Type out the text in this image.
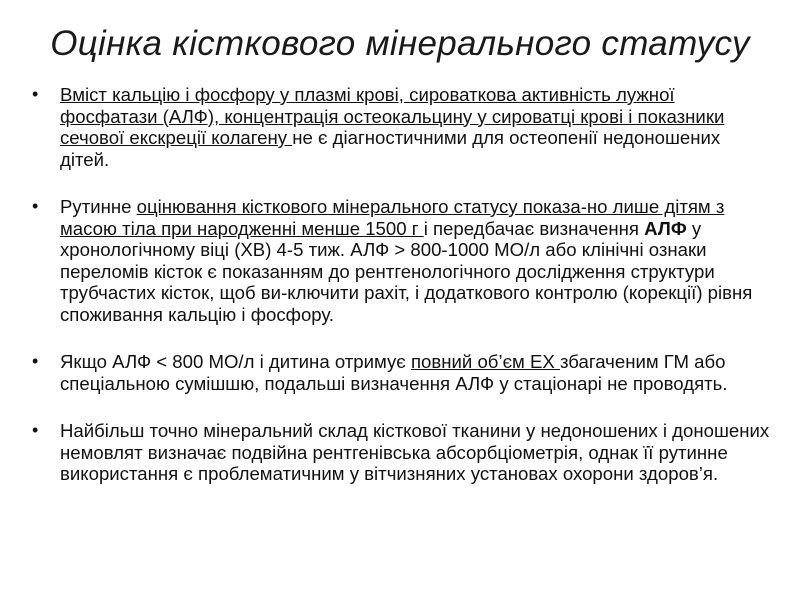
Оцінка кісткового мінерального статусу
• Вміст кальцію і фосфору у плазмі крові, сироваткова активність лужної фосфатази (АЛФ), концентрація остеокальцину у сироватці крові і показники сечової екскреції колагену не є діагностичними для остеопенії недоношених дітей.
• Рутинне оцінювання кісткового мінерального статусу показа-но лише дітям з масою тіла при народженні менше 1500 г і передбачає визначення АЛФ у хронологічному віці (ХВ) 4-5 тиж. АЛФ > 800-1000 МО/л або клінічні ознаки переломів кісток є показанням до рентгенологічного дослідження структури трубчастих кісток, щоб ви-ключити рахіт, і додаткового контролю (корекції) рівня споживання кальцію і фосфору.
• Якщо АЛФ < 800 МО/л і дитина отримує повний об’єм ЕХ збагаченим ГМ або спеціальною сумішшю, подальші визначення АЛФ у стаціонарі не проводять.
• Найбільш точно мінеральний склад кісткової тканини у недоношених і доношених немовлят визначає подвійна рентгенівська абсорбціометрія, однак її рутинне використання є проблематичним у вітчизняних установах охорони здоров’я.
